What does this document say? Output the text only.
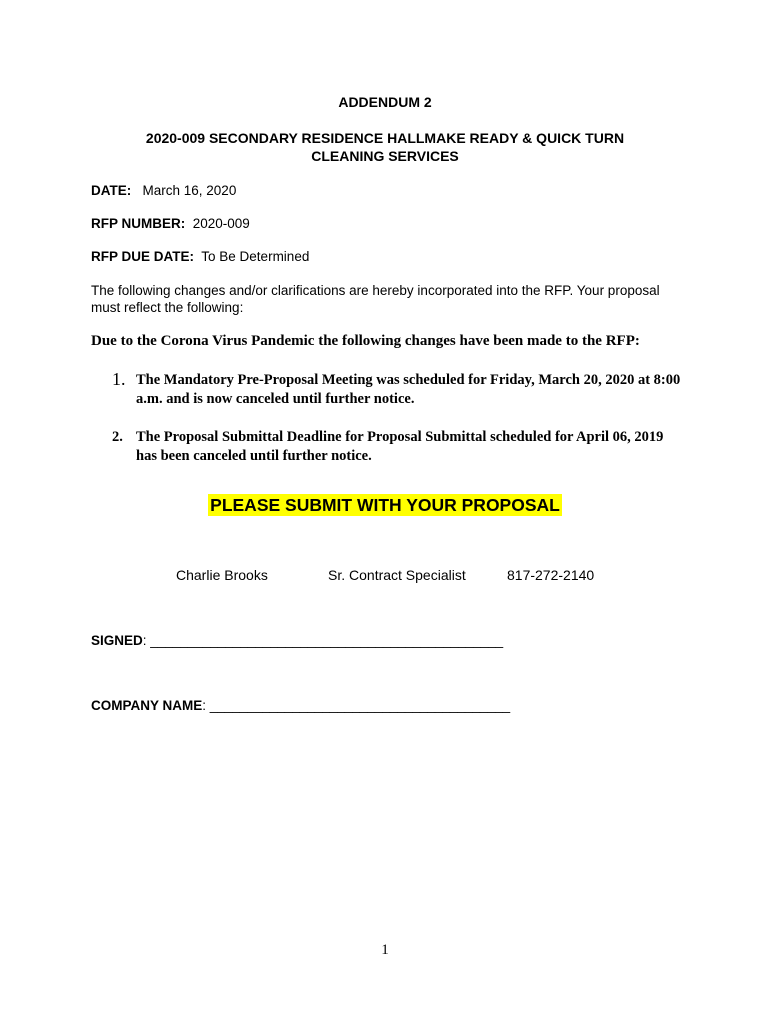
ADDENDUM 2
2020-009 SECONDARY RESIDENCE HALLMAKE READY & QUICK TURN
CLEANING SERVICES
DATE: March 16, 2020
RFP NUMBER: 2020-009
RFP DUE DATE: To Be Determined
The following changes and/or clarifications are hereby incorporated into the RFP. Your proposal must reflect the following:
Due to the Corona Virus Pandemic the following changes have been made to the RFP:
1. The Mandatory Pre-Proposal Meeting was scheduled for Friday, March 20, 2020 at 8:00 a.m. and is now canceled until further notice.
2. The Proposal Submittal Deadline for Proposal Submittal scheduled for April 06, 2019 has been canceled until further notice.
PLEASE SUBMIT WITH YOUR PROPOSAL
Charlie Brooks	Sr. Contract Specialist	817-272-2140
SIGNED: _______________________________________________
COMPANY NAME: ________________________________________
1
